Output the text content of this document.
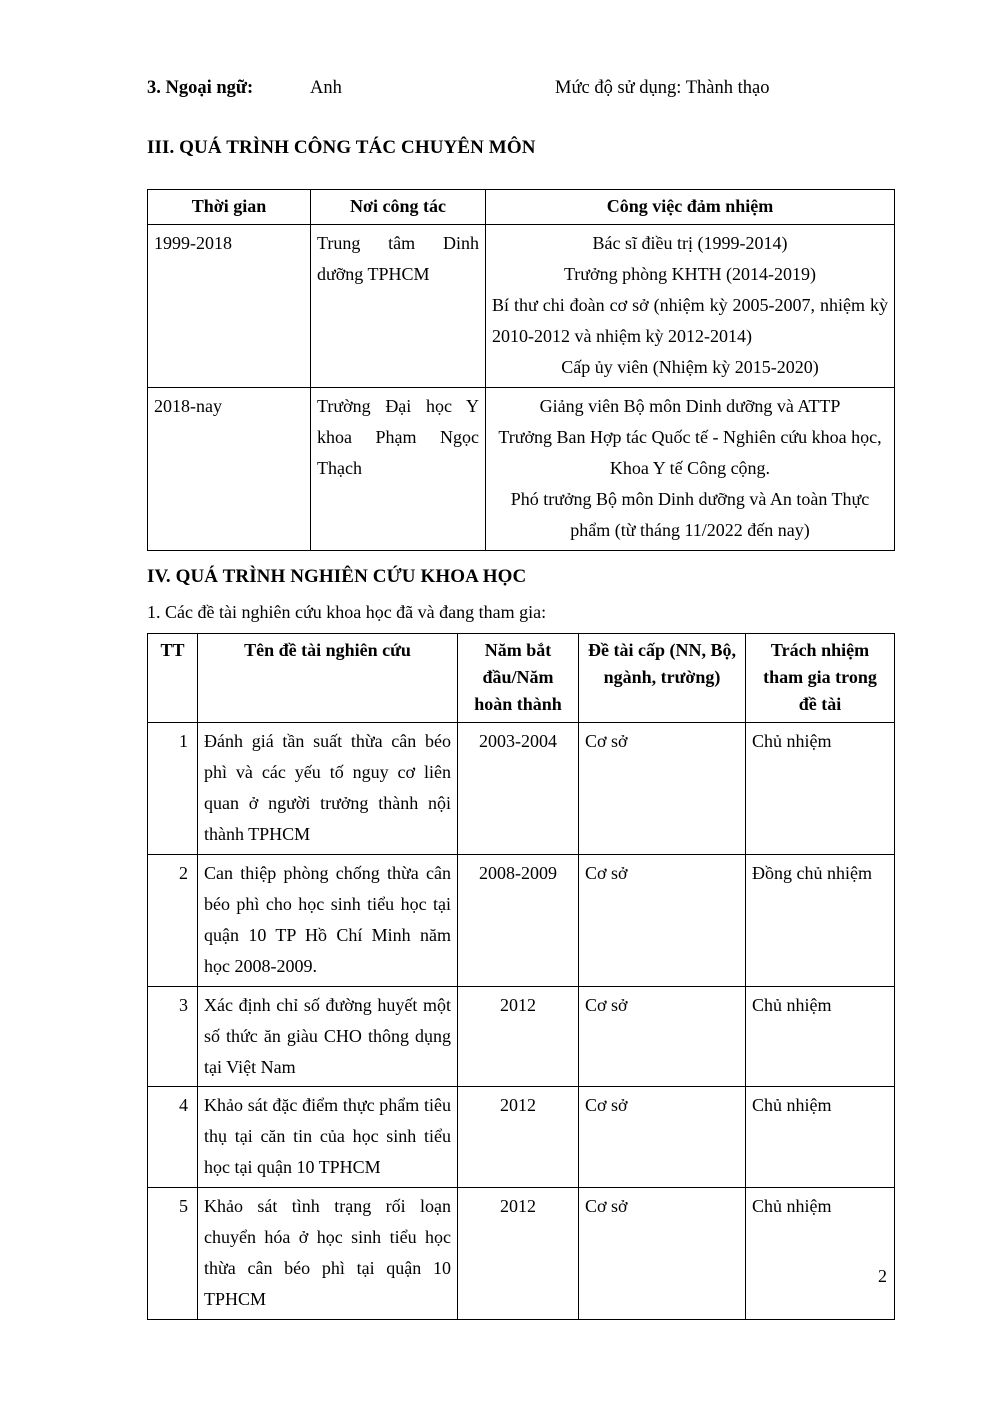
3. Ngoại ngữ:	Anh	Mức độ sử dụng: Thành thạo
III. QUÁ TRÌNH CÔNG TÁC CHUYÊN MÔN
Thời gian	Nơi công tác	Công việc đảm nhiệm
1999-2018	Trung tâm Dinh dưỡng TPHCM	Bác sĩ điều trị (1999-2014)
Trưởng phòng KHTH (2014-2019)
Bí thư chi đoàn cơ sở (nhiệm kỳ 2005-2007, nhiệm kỳ 2010-2012 và nhiệm kỳ 2012-2014)
Cấp ủy viên (Nhiệm kỳ 2015-2020)

2018-nay	Trường Đại học Y khoa Phạm Ngọc Thạch	Giảng viên Bộ môn Dinh dưỡng và ATTP
Trưởng Ban Hợp tác Quốc tế - Nghiên cứu khoa học, Khoa Y tế Công cộng.
Phó trưởng Bộ môn Dinh dưỡng và An toàn Thực phẩm (từ tháng 11/2022 đến nay)
IV. QUÁ TRÌNH NGHIÊN CỨU KHOA HỌC
1. Các đề tài nghiên cứu khoa học đã và đang tham gia:
TT	Tên đề tài nghiên cứu	Năm bắt đầu/Năm hoàn thành	Đề tài cấp (NN, Bộ, ngành, trường)	Trách nhiệm tham gia trong đề tài
1	Đánh giá tần suất thừa cân béo phì và các yếu tố nguy cơ liên quan ở người trưởng thành nội thành TPHCM	2003-2004	Cơ sở	Chủ nhiệm
2	Can thiệp phòng chống thừa cân béo phì cho học sinh tiểu học tại quận 10 TP Hồ Chí Minh năm học 2008-2009.	2008-2009	Cơ sở	Đồng chủ nhiệm
3	Xác định chỉ số đường huyết một số thức ăn giàu CHO thông dụng tại Việt Nam	2012	Cơ sở	Chủ nhiệm
4	Khảo sát đặc điểm thực phẩm tiêu thụ tại căn tin của học sinh tiểu học tại quận 10 TPHCM	2012	Cơ sở	Chủ nhiệm
5	Khảo sát tình trạng rối loạn chuyển hóa ở học sinh tiểu học thừa cân béo phì tại quận 10 TPHCM	2012	Cơ sở	Chủ nhiệm
2
